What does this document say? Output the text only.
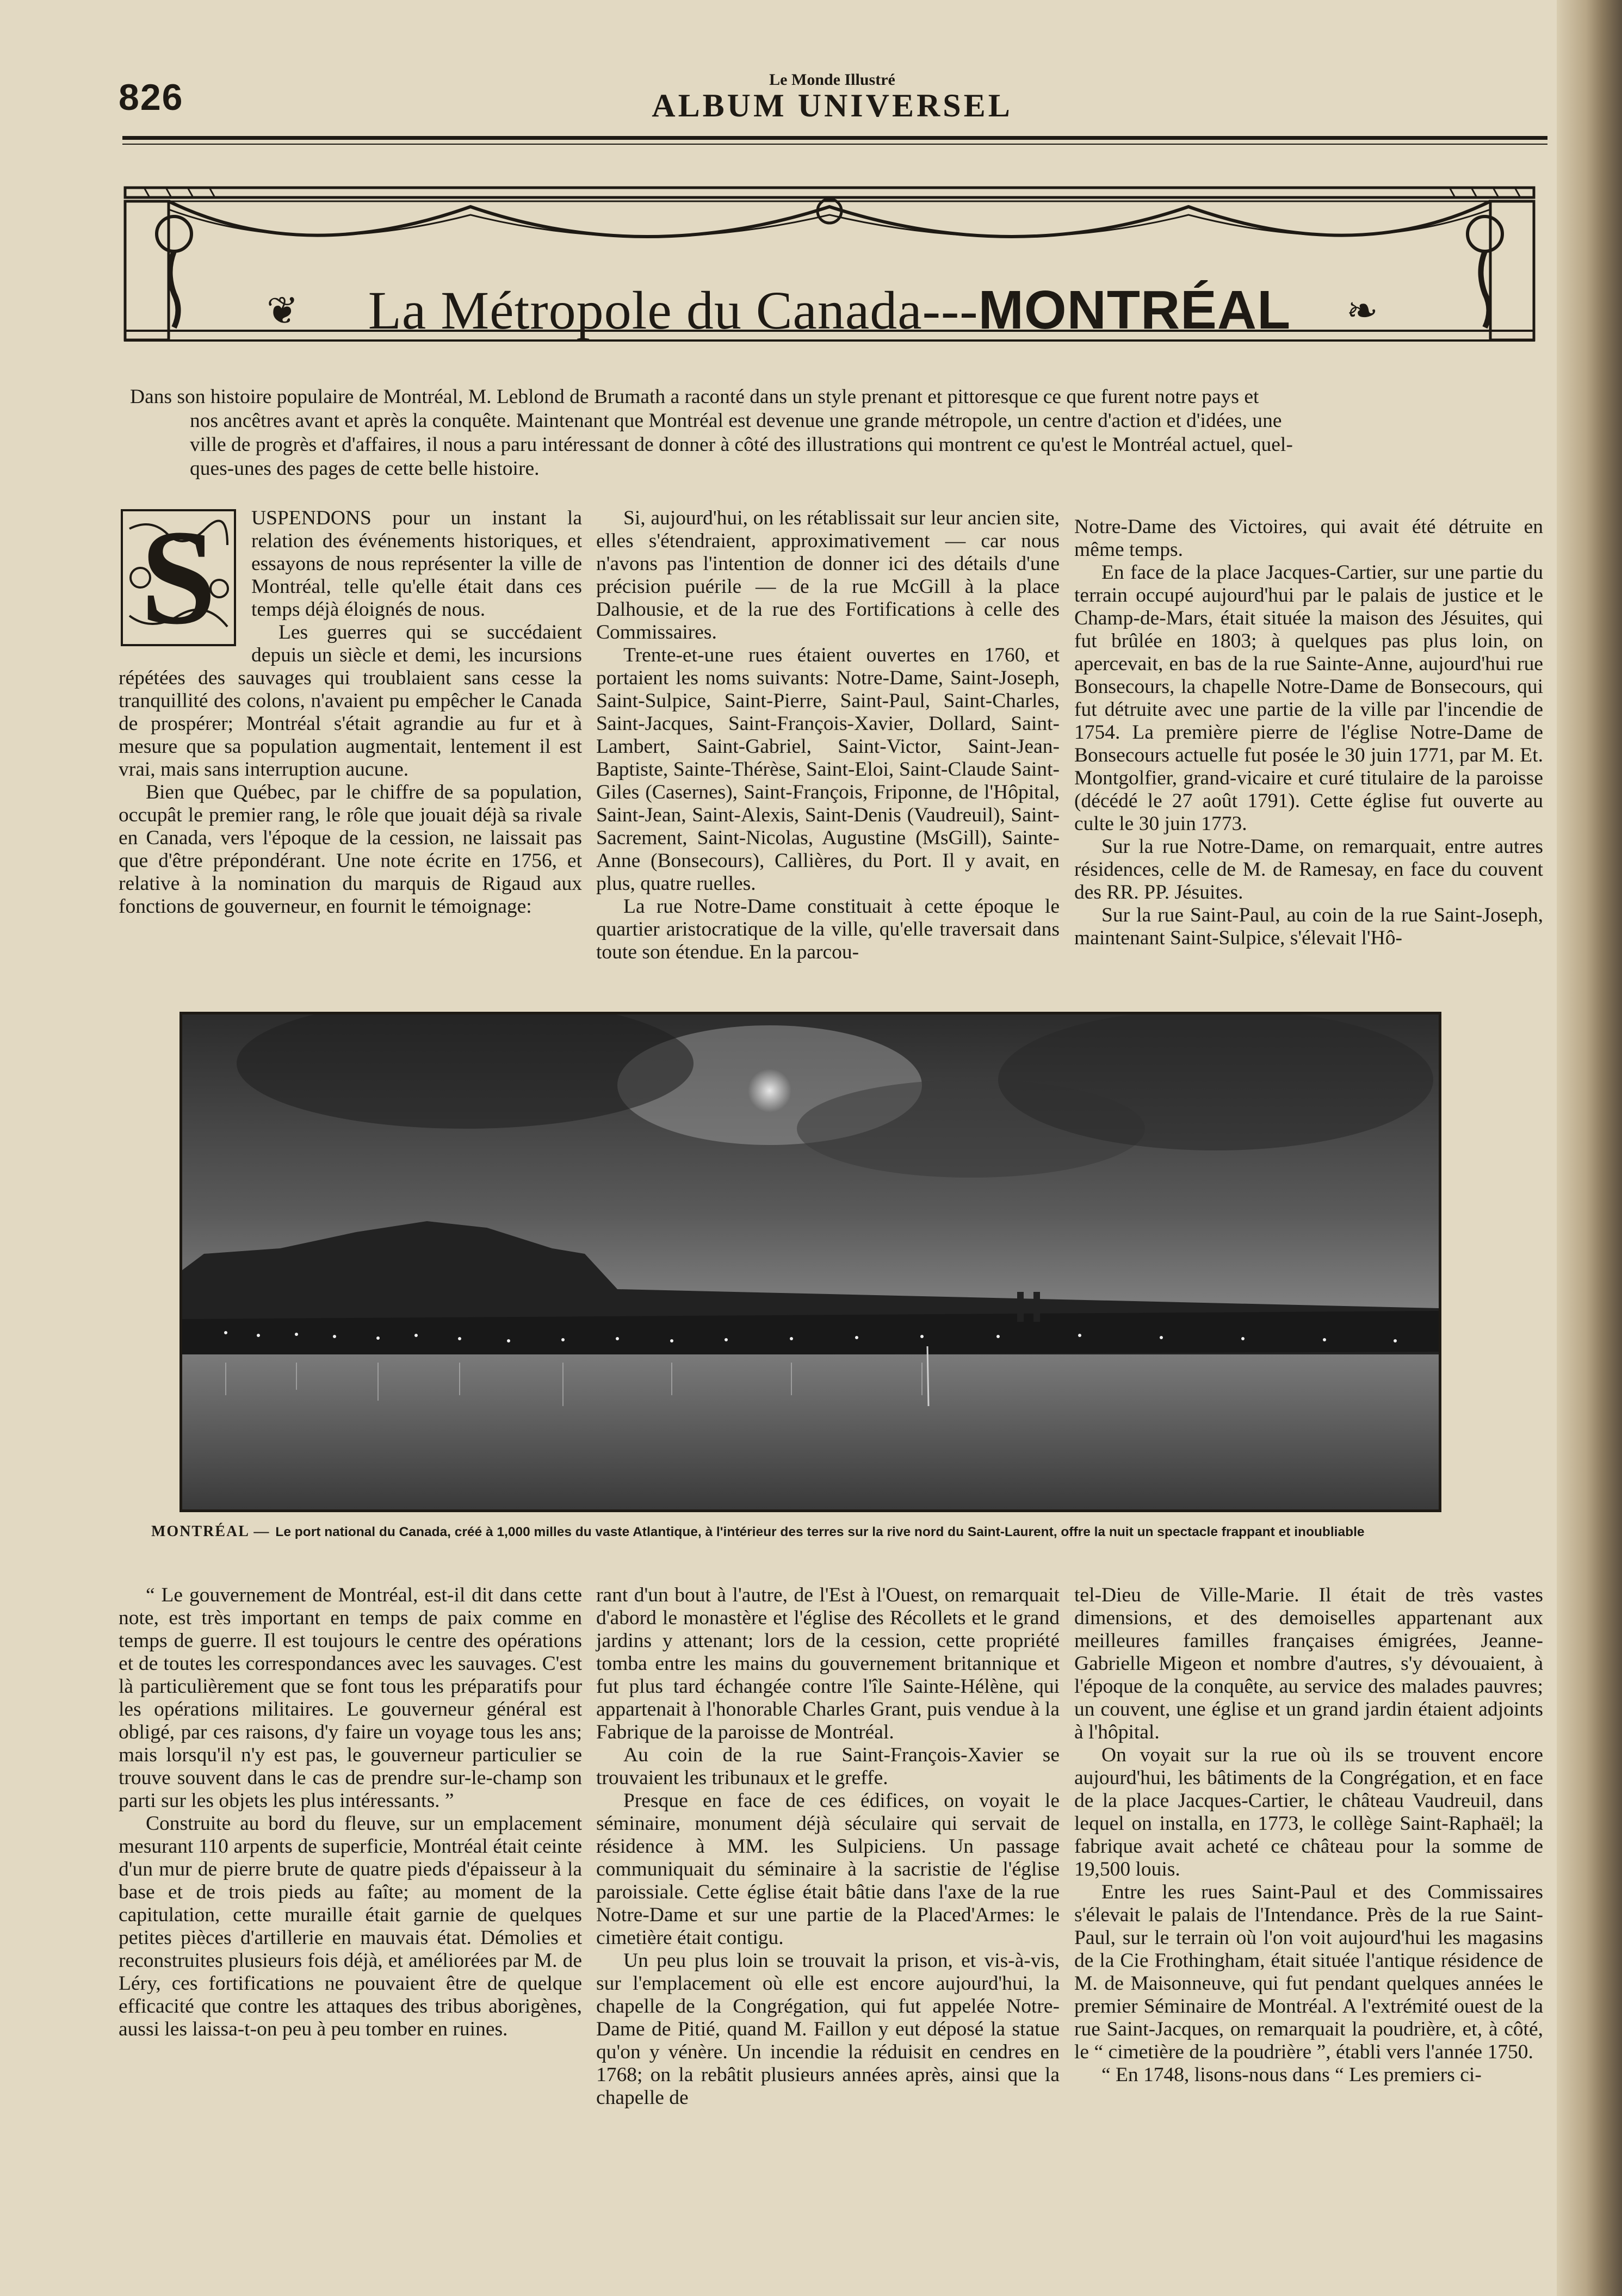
826	Le Monde Illustré
ALBUM UNIVERSEL
❦	❧
La Métropole du Canada---MONTRÉAL

Dans son histoire populaire de Montréal, M. Leblond de Brumath a raconté dans un style prenant et pittoresque ce que furent notre pays et

nos ancêtres avant et après la conquête. Maintenant que Montréal est devenue une grande métropole, un centre d'action et d'idées, une

ville de progrès et d'affaires, il nous a paru intéressant de donner à côté des illustrations qui montrent ce qu'est le Montréal actuel, quel-

ques-unes des pages de cette belle histoire.

S	USPENDONS pour un instant la relation des événements historiques, et essayons de nous représenter la ville de Montréal, telle qu'elle était dans ces temps déjà éloignés de nous.

Les guerres qui se succédaient depuis un siècle et demi, les incursions répétées des sauvages qui troublaient sans cesse la tranquillité des colons, n'avaient pu empêcher le Canada de prospérer; Montréal s'était agrandie au fur et à mesure que sa population augmentait, lentement il est vrai, mais sans interruption aucune.

Bien que Québec, par le chiffre de sa population, occupât le premier rang, le rôle que jouait déjà sa rivale en Canada, vers l'époque de la cession, ne laissait pas que d'être prépondérant. Une note écrite en 1756, et relative à la nomination du marquis de Rigaud aux fonctions de gouverneur, en fournit le témoignage:

Si, aujourd'hui, on les rétablissait sur leur ancien site, elles s'étendraient, approximativement — car nous n'avons pas l'intention de donner ici des détails d'une précision puérile — de la rue McGill à la place Dalhousie, et de la rue des Fortifications à celle des Commissaires.

Trente-et-une rues étaient ouvertes en 1760, et portaient les noms suivants: Notre-Dame, Saint-Joseph, Saint-Sulpice, Saint-Pierre, Saint-Paul, Saint-Charles, Saint-Jacques, Saint-François-Xavier, Dollard, Saint-Lambert, Saint-Gabriel, Saint-Victor, Saint-Jean-Baptiste, Sainte-Thérèse, Saint-Eloi, Saint-Claude Saint-Giles (Casernes), Saint-François, Friponne, de l'Hôpital, Saint-Jean, Saint-Alexis, Saint-Denis (Vaudreuil), Saint-Sacrement, Saint-Nicolas, Augustine (MsGill), Sainte-Anne (Bonsecours), Callières, du Port. Il y avait, en plus, quatre ruelles.

La rue Notre-Dame constituait à cette époque le quartier aristocratique de la ville, qu'elle traversait dans toute son étendue. En la parcou-

Notre-Dame des Victoires, qui avait été détruite en même temps.

En face de la place Jacques-Cartier, sur une partie du terrain occupé aujourd'hui par le palais de justice et le Champ-de-Mars, était située la maison des Jésuites, qui fut brûlée en 1803; à quelques pas plus loin, on apercevait, en bas de la rue Sainte-Anne, aujourd'hui rue Bonsecours, la chapelle Notre-Dame de Bonsecours, qui fut détruite avec une partie de la ville par l'incendie de 1754. La première pierre de l'église Notre-Dame de Bonsecours actuelle fut posée le 30 juin 1771, par M. Et. Montgolfier, grand-vicaire et curé titulaire de la paroisse (décédé le 27 août 1791). Cette église fut ouverte au culte le 30 juin 1773.

Sur la rue Notre-Dame, on remarquait, entre autres résidences, celle de M. de Ramesay, en face du couvent des RR. PP. Jésuites.

Sur la rue Saint-Paul, au coin de la rue Saint-Joseph, maintenant Saint-Sulpice, s'élevait l'Hô-

MONTRÉAL — Le port national du Canada, créé à 1,000 milles du vaste Atlantique, à l'intérieur des terres sur la rive nord du Saint-Laurent, offre la nuit un spectacle frappant et inoubliable

“ Le gouvernement de Montréal, est-il dit dans cette note, est très important en temps de paix comme en temps de guerre. Il est toujours le centre des opérations et de toutes les correspondances avec les sauvages. C'est là particulièrement que se font tous les préparatifs pour les opérations militaires. Le gouverneur général est obligé, par ces raisons, d'y faire un voyage tous les ans; mais lorsqu'il n'y est pas, le gouverneur particulier se trouve souvent dans le cas de prendre sur-le-champ son parti sur les objets les plus intéressants. ”

Construite au bord du fleuve, sur un emplacement mesurant 110 arpents de superficie, Montréal était ceinte d'un mur de pierre brute de quatre pieds d'épaisseur à la base et de trois pieds au faîte; au moment de la capitulation, cette muraille était garnie de quelques petites pièces d'artillerie en mauvais état. Démolies et reconstruites plusieurs fois déjà, et améliorées par M. de Léry, ces fortifications ne pouvaient être de quelque efficacité que contre les attaques des tribus aborigènes, aussi les laissa-t-on peu à peu tomber en ruines.

rant d'un bout à l'autre, de l'Est à l'Ouest, on remarquait d'abord le monastère et l'église des Récollets et le grand jardins y attenant; lors de la cession, cette propriété tomba entre les mains du gouvernement britannique et fut plus tard échangée contre l'île Sainte-Hélène, qui appartenait à l'honorable Charles Grant, puis vendue à la Fabrique de la paroisse de Montréal.

Au coin de la rue Saint-François-Xavier se trouvaient les tribunaux et le greffe.

Presque en face de ces édifices, on voyait le séminaire, monument déjà séculaire qui servait de résidence à MM. les Sulpiciens. Un passage communiquait du séminaire à la sacristie de l'église paroissiale. Cette église était bâtie dans l'axe de la rue Notre-Dame et sur une partie de la Placed'Armes: le cimetière était contigu.

Un peu plus loin se trouvait la prison, et vis-à-vis, sur l'emplacement où elle est encore aujourd'hui, la chapelle de la Congrégation, qui fut appelée Notre-Dame de Pitié, quand M. Faillon y eut déposé la statue qu'on y vénère. Un incendie la réduisit en cendres en 1768; on la rebâtit plusieurs années après, ainsi que la chapelle de

tel-Dieu de Ville-Marie. Il était de très vastes dimensions, et des demoiselles appartenant aux meilleures familles françaises émigrées, Jeanne-Gabrielle Migeon et nombre d'autres, s'y dévouaient, à l'époque de la conquête, au service des malades pauvres; un couvent, une église et un grand jardin étaient adjoints à l'hôpital.

On voyait sur la rue où ils se trouvent encore aujourd'hui, les bâtiments de la Congrégation, et en face de la place Jacques-Cartier, le château Vaudreuil, dans lequel on installa, en 1773, le collège Saint-Raphaël; la fabrique avait acheté ce château pour la somme de 19,500 louis.

Entre les rues Saint-Paul et des Commissaires s'élevait le palais de l'Intendance. Près de la rue Saint-Paul, sur le terrain où l'on voit aujourd'hui les magasins de la Cie Frothingham, était située l'antique résidence de M. de Maisonneuve, qui fut pendant quelques années le premier Séminaire de Montréal. A l'extrémité ouest de la rue Saint-Jacques, on remarquait la poudrière, et, à côté, le “ cimetière de la poudrière ”, établi vers l'année 1750.

“ En 1748, lisons-nous dans “ Les premiers ci-
